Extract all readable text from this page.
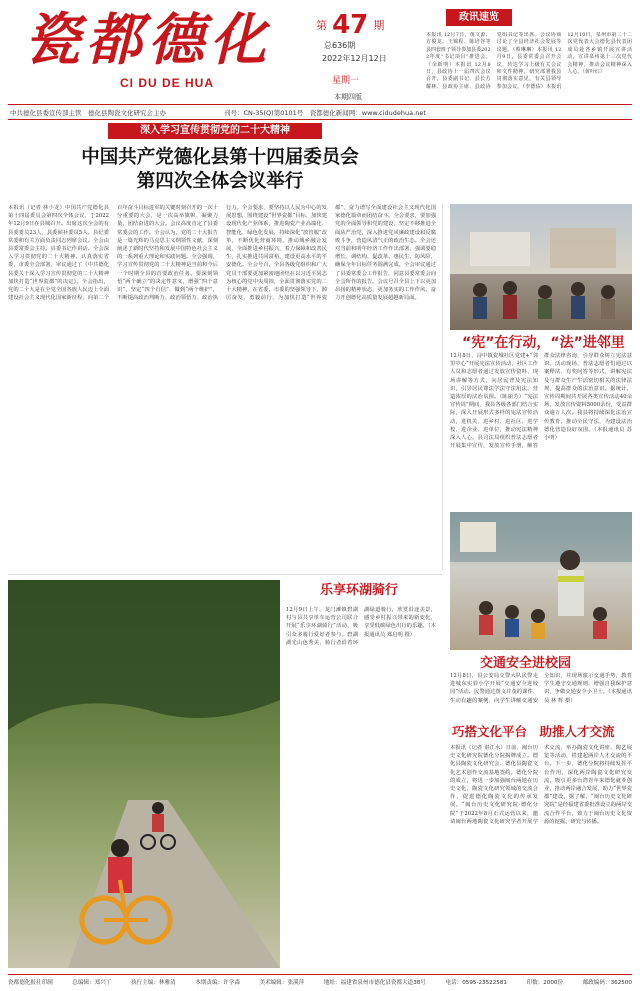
瓷都德化
CI DU DE HUA
第 47 期
总636期
2022年12月12日
星期一
本期四版
政讯速览
本报讯 12月7日，黄文源、方俊龙、王锦程、陈培谷等县四套班子领导参加县委2022年度“书记项目”推进会。（余新明）本报讯 12月8日，县政协十一届四次会议召开，县委副书记、县长方耀林、县政协主席、县政协党组书记等出席。会议协商讨论了全县经济社会发展等议题。（蔡琳琳）本报讯 12月9日，县委常委会召开会议，传达学习上级有关会议和文件精神，研究部署我县贯彻落实意见，有关县领导参加会议。（李德佑）本报讯 12月10日，泉州市第二十二次党代表大会德化县代表团成员赴各乡镇开展宣讲活动，宣讲泉州第十三次党代会精神，推动会议精神深入人心。（黄叶红）
中共德化县委宣传部主管　德化县陶瓷文化研究会主办	刊号：CN-35(Q)第0101号　瓷都德化新闻网：www.cidudehua.net
深入学习宣传贯彻党的二十大精神
中国共产党德化县第十四届委员会
第四次全体会议举行
本报讯（记者 林小龙）中国共产党德化县第十四届委员会第四次全体会议，于2022年12月9日在县城召开。出席这次全会的有县委委员23人，县委候补委员5人。县纪委常委和有关方面负责同志列席会议。全会由县委常委会主持。县委书记作讲话。全会深入学习贯彻党的二十大精神，认真落实省委、市委全会部署，审议通过了《中共德化县委关于深入学习宣传贯彻党的二十大精神加快打造“世界瓷都”的决定》。全会指出，党的二十大是在全党全国各族人民迈上全面建设社会主义现代化国家新征程、向第二个百年奋斗目标进军的关键时刻召开的一次十分重要的大会，是一次高举旗帜、凝聚力量、团结奋进的大会。会议高度肯定了县委常委会的工作。全会认为，党的二十大报告是一篇光辉的马克思主义纲领性文献，深刻阐述了新时代坚持和发展中国特色社会主义的一系列重大理论和实践问题。全会强调，学习宣传贯彻党的二十大精神是当前和今后一个时期全县的首要政治任务。要深刻领悟“两个确立”的决定性意义，增强“四个意识”、坚定“四个自信”、做到“两个维护”，不断提高政治判断力、政治领悟力、政治执行力。全会要求，要坚持以人民为中心的发展思想，围绕建设“世界瓷都”目标，加快建设现代化产业体系，推进陶瓷产业高端化、智能化、绿色化发展，持续深化“放管服”改革，不断优化营商环境，推动城乡融合发展，全面推进乡村振兴，着力保障和改善民生，扎实推进共同富裕，建设更高水平的平安德化。全会号召，全县各级党组织和广大党员干部要更加紧密地团结在以习近平同志为核心的党中央周围，全面贯彻落实党的二十大精神，在省委、市委的坚强领导下，踔厉奋发、勇毅前行，为加快打造“世界瓷都”、奋力谱写全面建设社会主义现代化国家德化篇章而团结奋斗。全会要求，要加强党的全面领导和党的建设，坚定不移推进全面从严治党，深入推进党风廉政建设和反腐败斗争，营造风清气正的政治生态。全会还对当前和明年经济工作作出部署，强调要稳增长、调结构、促改革、惠民生、防风险，确保全年目标任务圆满完成。全会审议通过了县委常委会工作报告，同意县委常委会向全会所作的报告。会议号召全县上下以更加昂扬的精神状态、更加务实的工作作风，奋力开创德化高质量发展超越新局面。
“宪”在行动，“法”进邻里
12月8日，浔中镇瓷城社区党建+“邻里中心”开展宪法宣传活动，社区工作人员和志愿者通过发放宣传资料、现场讲解等方式，向居民普及宪法知识，引导居民尊法学法守法用法，营造浓厚的法治氛围。（陈丽芳）“宪法宣传周”期间，我县各级各部门结合实际，深入开展形式多样的宪法宣传活动，进机关、进乡村、进社区、进学校、进企业、进单位，推动宪法精神深入人心。县司法局组织普法志愿者开展集中宣传，发放宣传手册，解答群众法律咨询，引导群众树立宪法意识。活动现场，普法志愿者们通过以案释法、有奖问答等形式，讲解宪法及与群众生产生活密切相关的法律法规，提高群众的法治意识。据统计，宣传周期间共开展各类宣传活动40余场，发放宣传资料5000余份，受益群众逾万人次。我县将持续深化法治宣传教育，推动全民守法，为建设法治德化营造良好氛围。（本报通讯员 苏小明）
交通安全进校园
12月8日，县公安局交警大队民警走进城东实验小学开展“交通安全进校园”活动。民警通过图文并茂的课件、生动有趣的案例，向学生讲解交通安全知识，并现场演示交通手势，教育学生遵守交通规则，增强自我保护意识，争做交通安全小卫士。（本报通讯员 林 辉 摄）
乐享环湖骑行
12月9日上午，龙门滩镇碧湖村与县共享单车运营公司联合开展“乐享环湖骑行”活动，吸引众多骑行爱好者参与。碧湖湖光山色秀美，骑行者沿着环湖绿道骑行，欣赏沿途美景，感受乡村振兴带来的新变化，享受低碳绿色出行的乐趣。（本报通讯员 郑启明 摄）
巧搭文化平台　助推人才交流
本报讯（记者 谌江水）日前，闽台历史文化研究院德化分院揭牌成立。德化县陶瓷文化研究会、德化县陶瓷文化艺术创作交流基地签约。德化分院的成立，将进一步加强闽台两地在历史文化、陶瓷文化研究领域的交流合作，促进德化陶瓷文化的传承发展。“闽台历史文化研究院·德化分院”于2022年8月正式运营以来，邀请闽台两地陶瓷文化研究学者开展学术交流，举办陶瓷文化讲座、陶艺展览等活动，搭建起两岸人才交流的平台。下一步，德化分院将持续发挥平台作用，深化两岸陶瓷文化研究交流，吸引更多台湾青年来德化就业创业，推动两岸融合发展，助力“世界瓷都”建设。据了解，“闽台历史文化研究院”是经福建省委批准设立的两岸交流合作平台，致力于闽台历史文化资源的挖掘、研究与传播。
瓷都德化报社印制	总编辑：郑兴丁	执行主编：林雅清	本期责编：许学森	美术编辑：张溪萍	地址：福建省泉州市德化县瓷都大道38号	电话：0595-23522581	印数：2000份	邮政编码：362500
